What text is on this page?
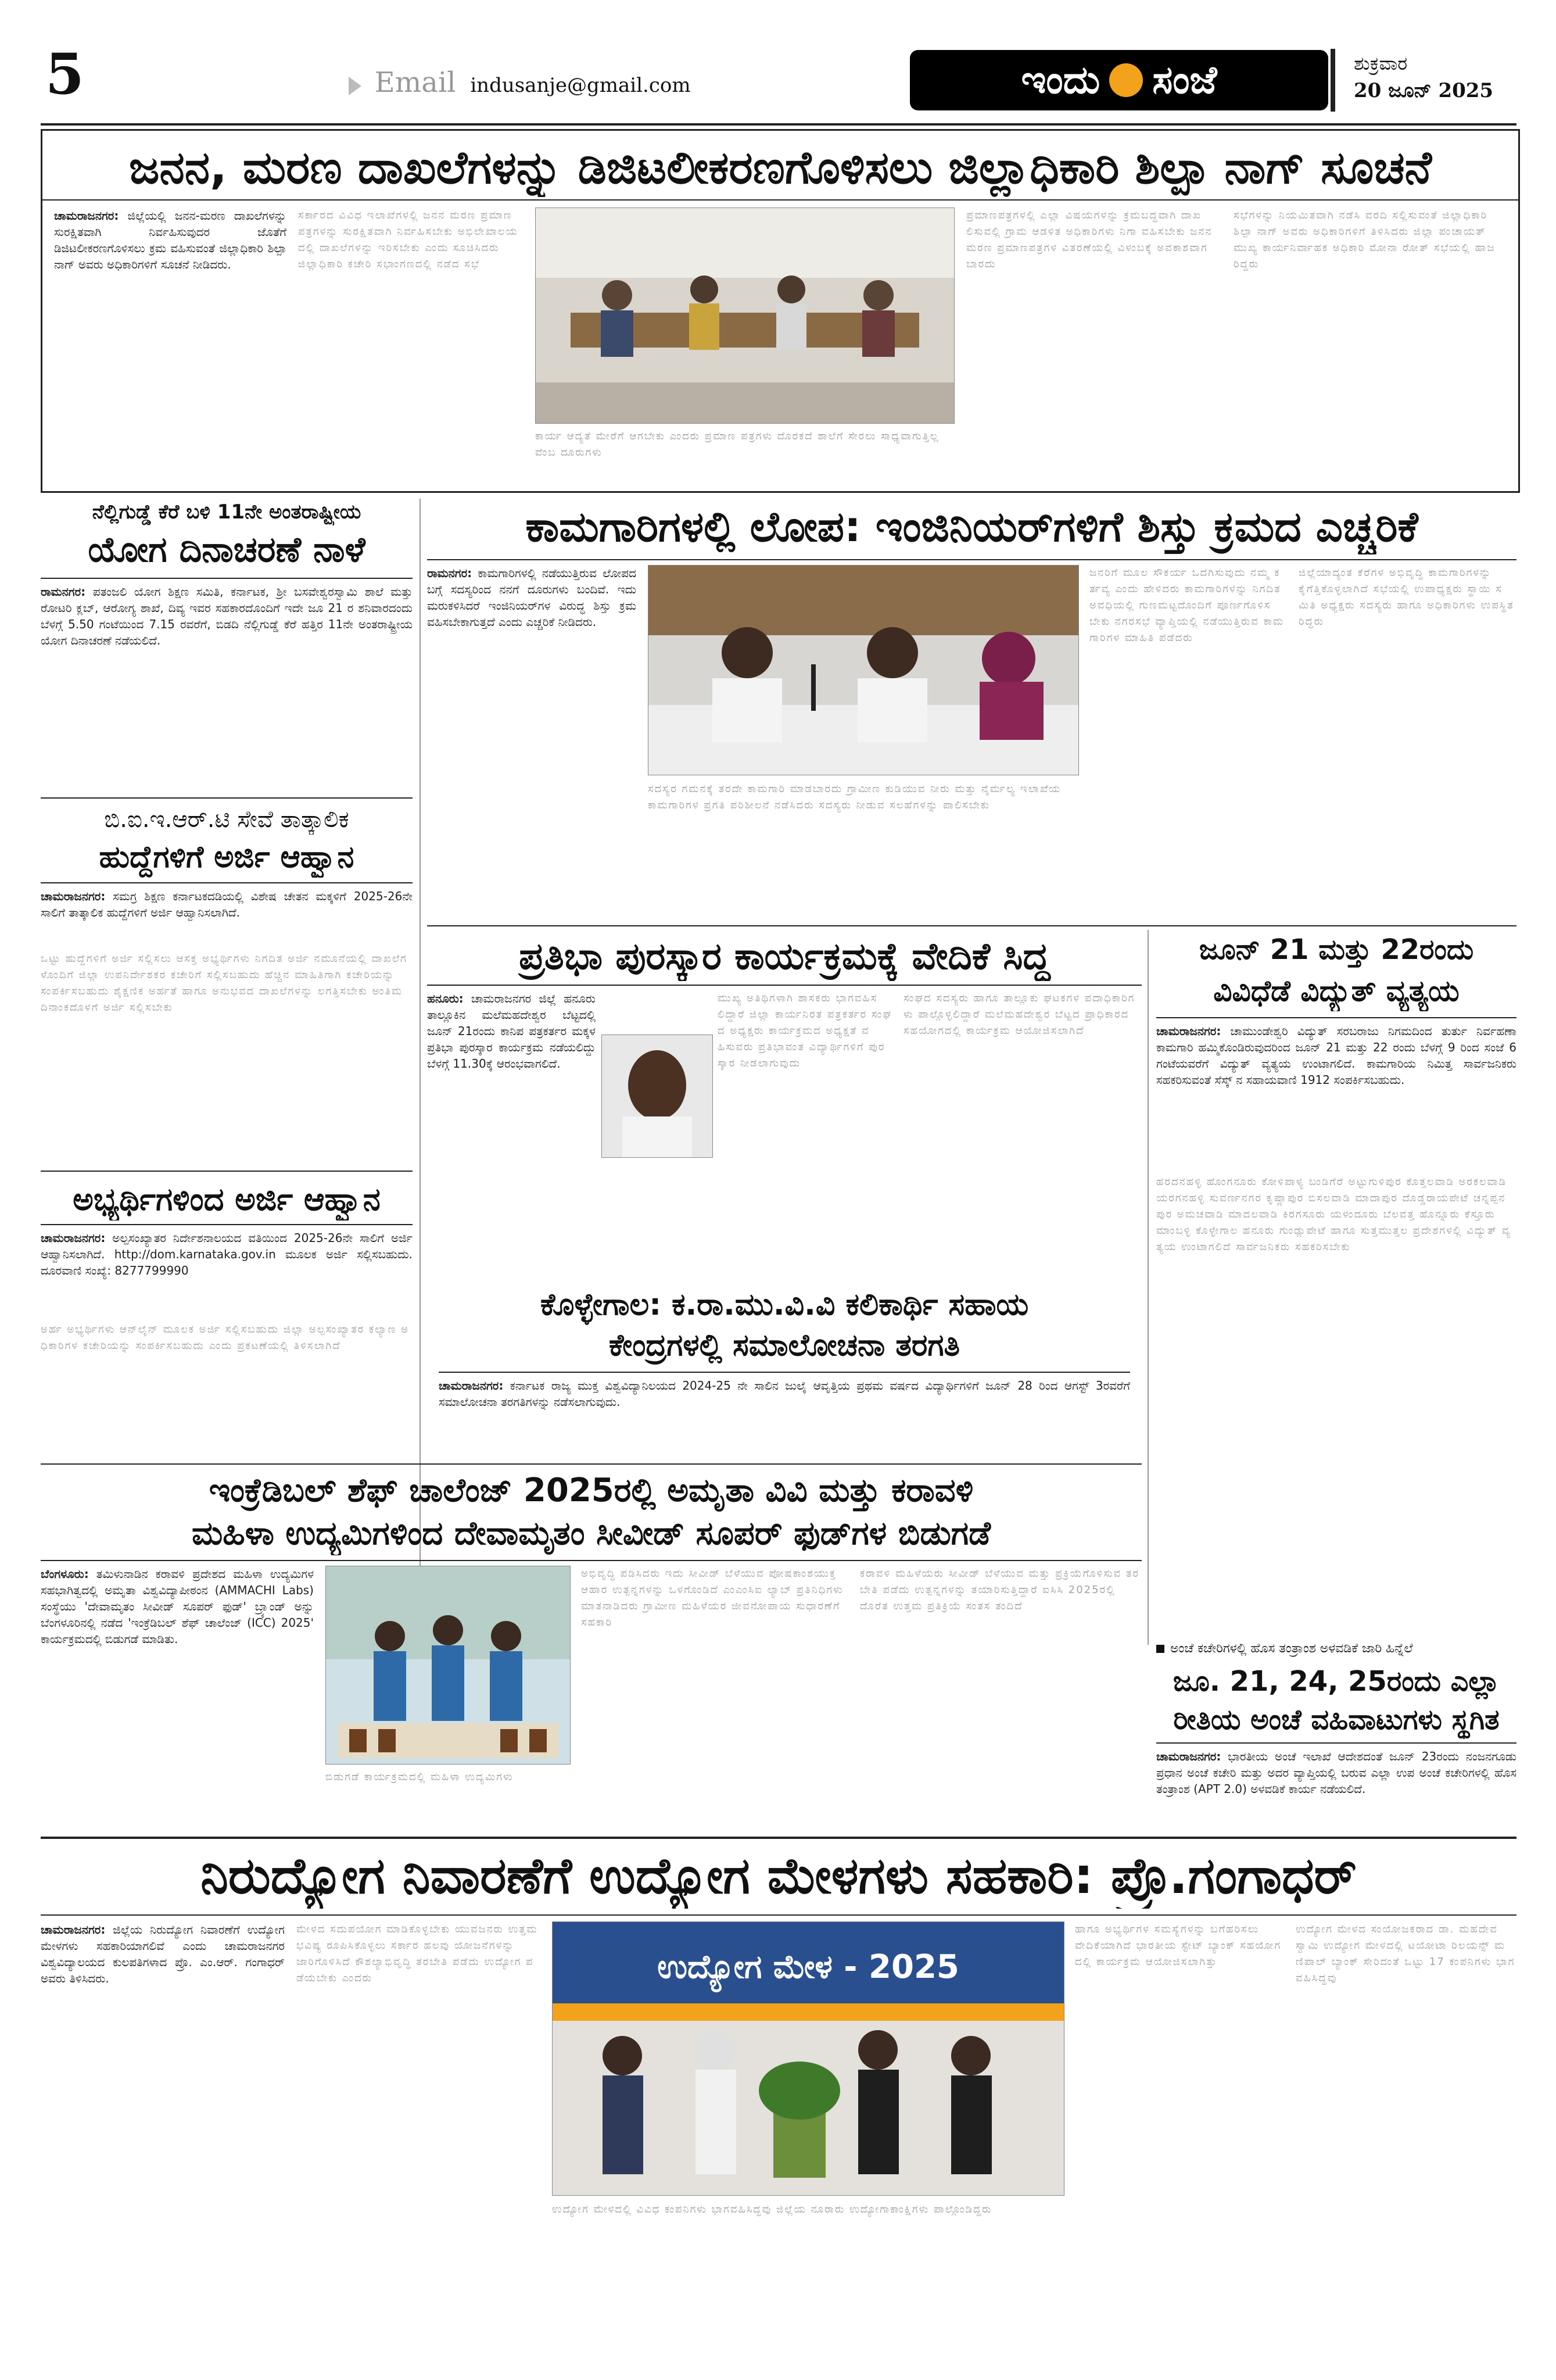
5	Email indusanje@gmail.com	ಇಂದು ಸಂಜೆ	ಶುಕ್ರವಾರ
20 ಜೂನ್ 2025
ಜನನ, ಮರಣ ದಾಖಲೆಗಳನ್ನು ಡಿಜಿಟಲೀಕರಣಗೊಳಿಸಲು ಜಿಲ್ಲಾಧಿಕಾರಿ ಶಿಲ್ಪಾ ನಾಗ್ ಸೂಚನೆ
ಚಾಮರಾಜನಗರ: ಜಿಲ್ಲೆಯಲ್ಲಿ ಜನನ-ಮರಣ ದಾಖಲೆಗಳನ್ನು ಸುರಕ್ಷಿತವಾಗಿ ನಿರ್ವಹಿಸುವುದರ ಜೊತೆಗೆ ಡಿಜಿಟಲೀಕರಣಗೊಳಿಸಲು ಕ್ರಮ ವಹಿಸುವಂತೆ ಜಿಲ್ಲಾಧಿಕಾರಿ ಶಿಲ್ಪಾ ನಾಗ್ ಅವರು ಅಧಿಕಾರಿಗಳಿಗೆ ಸೂಚನೆ ನೀಡಿದರು.
ಸರ್ಕಾರದ ವಿವಿಧ ಇಲಾಖೆಗಳಲ್ಲಿ ಜನನ ಮರಣ ಪ್ರಮಾಣ ಪತ್ರಗಳನ್ನು ಸುರಕ್ಷಿತವಾಗಿ ನಿರ್ವಹಿಸಬೇಕು ಅಭಿಲೇಖಾಲಯದಲ್ಲಿ ದಾಖಲೆಗಳನ್ನು ಇರಿಸಬೇಕು ಎಂದು ಸೂಚಿಸಿದರು ಜಿಲ್ಲಾಧಿಕಾರಿ ಕಚೇರಿ ಸಭಾಂಗಣದಲ್ಲಿ ನಡೆದ ಸಭೆ
ಕಾರ್ಯ ಆದ್ಯತೆ ಮೇರೆಗೆ ಆಗಬೇಕು ಎಂದರು ಪ್ರಮಾಣ ಪತ್ರಗಳು ದೊರಕದೆ ಶಾಲೆಗೆ ಸೇರಲು ಸಾಧ್ಯವಾಗುತ್ತಿಲ್ಲವೆಂಬ ದೂರುಗಳು
ಪ್ರಮಾಣಪತ್ರಗಳಲ್ಲಿ ಎಲ್ಲಾ ವಿಷಯಗಳನ್ನು ಕ್ರಮಬದ್ಧವಾಗಿ ದಾಖಲಿಸುವಲ್ಲಿ ಗ್ರಾಮ ಆಡಳಿತ ಅಧಿಕಾರಿಗಳು ನಿಗಾ ವಹಿಸಬೇಕು ಜನನ ಮರಣ ಪ್ರಮಾಣಪತ್ರಗಳ ವಿತರಣೆಯಲ್ಲಿ ವಿಳಂಬಕ್ಕೆ ಅವಕಾಶವಾಗಬಾರದು
ಸಭೆಗಳನ್ನು ನಿಯಮಿತವಾಗಿ ನಡೆಸಿ ವರದಿ ಸಲ್ಲಿಸುವಂತೆ ಜಿಲ್ಲಾಧಿಕಾರಿ ಶಿಲ್ಪಾ ನಾಗ್ ಅವರು ಅಧಿಕಾರಿಗಳಿಗೆ ತಿಳಿಸಿದರು ಜಿಲ್ಲಾ ಪಂಚಾಯತ್ ಮುಖ್ಯ ಕಾರ್ಯನಿರ್ವಾಹಕ ಅಧಿಕಾರಿ ಮೋನಾ ರೋತ್ ಸಭೆಯಲ್ಲಿ ಹಾಜರಿದ್ದರು
ನೆಲ್ಲಿಗುಡ್ಡೆ ಕೆರೆ ಬಳಿ 11ನೇ ಅಂತರಾಷ್ಟ್ರೀಯ
ಯೋಗ ದಿನಾಚರಣೆ ನಾಳೆ
ರಾಮನಗರ: ಪತಂಜಲಿ ಯೋಗ ಶಿಕ್ಷಣ ಸಮಿತಿ, ಕರ್ನಾಟಕ, ಶ್ರೀ ಬಸವೇಶ್ವರಸ್ವಾಮಿ ಶಾಲೆ ಮತ್ತು ರೋಟರಿ ಕ್ಲಬ್, ಆರೋಗ್ಯ ಶಾಖೆ, ದಿವ್ಯ ಇವರ ಸಹಕಾರದೊಂದಿಗೆ ಇದೇ ಜೂ 21 ರ ಶನಿವಾರದಂದು ಬೆಳಗ್ಗೆ 5.50 ಗಂಟೆಯಿಂದ 7.15 ರವರೆಗೆ, ಬಿಡದಿ ನೆಲ್ಲಿಗುಡ್ಡೆ ಕೆರೆ ಹತ್ತಿರ 11ನೇ ಅಂತರಾಷ್ಟ್ರೀಯ ಯೋಗ ದಿನಾಚರಣೆ ನಡೆಯಲಿದೆ.
ಬಿ.ಐ.ಇ.ಆರ್.ಟಿ ಸೇವೆ ತಾತ್ಕಾಲಿಕ
ಹುದ್ದೆಗಳಿಗೆ ಅರ್ಜಿ ಆಹ್ವಾನ
ಚಾಮರಾಜನಗರ: ಸಮಗ್ರ ಶಿಕ್ಷಣ ಕರ್ನಾಟಕದಡಿಯಲ್ಲಿ ವಿಶೇಷ ಚೇತನ ಮಕ್ಕಳಿಗೆ 2025-26ನೇ ಸಾಲಿಗೆ ತಾತ್ಕಾಲಿಕ ಹುದ್ದೆಗಳಿಗೆ ಅರ್ಜಿ ಆಹ್ವಾನಿಸಲಾಗಿದೆ.
ಒಟ್ಟು ಹುದ್ದೆಗಳಿಗೆ ಅರ್ಜಿ ಸಲ್ಲಿಸಲು ಆಸಕ್ತ ಅಭ್ಯರ್ಥಿಗಳು ನಿಗದಿತ ಅರ್ಜಿ ನಮೂನೆಯಲ್ಲಿ ದಾಖಲೆಗಳೊಂದಿಗೆ ಜಿಲ್ಲಾ ಉಪನಿರ್ದೇಶಕರ ಕಚೇರಿಗೆ ಸಲ್ಲಿಸಬಹುದು ಹೆಚ್ಚಿನ ಮಾಹಿತಿಗಾಗಿ ಕಚೇರಿಯನ್ನು ಸಂಪರ್ಕಿಸಬಹುದು ಶೈಕ್ಷಣಿಕ ಅರ್ಹತೆ ಹಾಗೂ ಅನುಭವದ ದಾಖಲೆಗಳನ್ನು ಲಗತ್ತಿಸಬೇಕು ಅಂತಿಮ ದಿನಾಂಕದೊಳಗೆ ಅರ್ಜಿ ಸಲ್ಲಿಸಬೇಕು
ಅಭ್ಯರ್ಥಿಗಳಿಂದ ಅರ್ಜಿ ಆಹ್ವಾನ
ಚಾಮರಾಜನಗರ: ಅಲ್ಪಸಂಖ್ಯಾತರ ನಿರ್ದೇಶನಾಲಯದ ವತಿಯಿಂದ 2025-26ನೇ ಸಾಲಿಗೆ ಅರ್ಜಿ ಆಹ್ವಾನಿಸಲಾಗಿದೆ. http://dom.karnataka.gov.in ಮೂಲಕ ಅರ್ಜಿ ಸಲ್ಲಿಸಬಹುದು. ದೂರವಾಣಿ ಸಂಖ್ಯೆ: 8277799990
ಅರ್ಹ ಅಭ್ಯರ್ಥಿಗಳು ಆನ್‌ಲೈನ್ ಮೂಲಕ ಅರ್ಜಿ ಸಲ್ಲಿಸಬಹುದು ಜಿಲ್ಲಾ ಅಲ್ಪಸಂಖ್ಯಾತರ ಕಲ್ಯಾಣ ಅಧಿಕಾರಿಗಳ ಕಚೇರಿಯನ್ನು ಸಂಪರ್ಕಿಸಬಹುದು ಎಂದು ಪ್ರಕಟಣೆಯಲ್ಲಿ ತಿಳಿಸಲಾಗಿದೆ
ಕಾಮಗಾರಿಗಳಲ್ಲಿ ಲೋಪ: ಇಂಜಿನಿಯರ್‌ಗಳಿಗೆ ಶಿಸ್ತು ಕ್ರಮದ ಎಚ್ಚರಿಕೆ
ರಾಮನಗರ: ಕಾಮಗಾರಿಗಳಲ್ಲಿ ನಡೆಯುತ್ತಿರುವ ಲೋಪದ ಬಗ್ಗೆ ಸದಸ್ಯರಿಂದ ನನಗೆ ದೂರುಗಳು ಬಂದಿವೆ. ಇದು ಮರುಕಳಿಸಿದರೆ ಇಂಜಿನಿಯರ್‌ಗಳ ವಿರುದ್ಧ ಶಿಸ್ತು ಕ್ರಮ ವಹಿಸಬೇಕಾಗುತ್ತದೆ ಎಂದು ಎಚ್ಚರಿಕೆ ನೀಡಿದರು.
ಸದಸ್ಯರ ಗಮನಕ್ಕೆ ತರದೇ ಕಾಮಗಾರಿ ಮಾಡಬಾರದು ಗ್ರಾಮೀಣ ಕುಡಿಯುವ ನೀರು ಮತ್ತು ನೈರ್ಮಲ್ಯ ಇಲಾಖೆಯ ಕಾಮಗಾರಿಗಳ ಪ್ರಗತಿ ಪರಿಶೀಲನೆ ನಡೆಸಿದರು ಸದಸ್ಯರು ನೀಡುವ ಸಲಹೆಗಳನ್ನು ಪಾಲಿಸಬೇಕು
ಜನರಿಗೆ ಮೂಲ ಸೌಕರ್ಯ ಒದಗಿಸುವುದು ನಮ್ಮ ಕರ್ತವ್ಯ ಎಂದು ಹೇಳಿದರು ಕಾಮಗಾರಿಗಳನ್ನು ನಿಗದಿತ ಅವಧಿಯಲ್ಲಿ ಗುಣಮಟ್ಟದೊಂದಿಗೆ ಪೂರ್ಣಗೊಳಿಸಬೇಕು ನಗರಸಭೆ ವ್ಯಾಪ್ತಿಯಲ್ಲಿ ನಡೆಯುತ್ತಿರುವ ಕಾಮಗಾರಿಗಳ ಮಾಹಿತಿ ಪಡೆದರು
ಜಿಲ್ಲೆಯಾದ್ಯಂತ ಕೆರೆಗಳ ಅಭಿವೃದ್ಧಿ ಕಾಮಗಾರಿಗಳನ್ನು ಕೈಗೆತ್ತಿಕೊಳ್ಳಲಾಗಿದೆ ಸಭೆಯಲ್ಲಿ ಉಪಾಧ್ಯಕ್ಷರು ಸ್ಥಾಯಿ ಸಮಿತಿ ಅಧ್ಯಕ್ಷರು ಸದಸ್ಯರು ಹಾಗೂ ಅಧಿಕಾರಿಗಳು ಉಪಸ್ಥಿತರಿದ್ದರು
ಪ್ರತಿಭಾ ಪುರಸ್ಕಾರ ಕಾರ್ಯಕ್ರಮಕ್ಕೆ ವೇದಿಕೆ ಸಿದ್ಧ
ಹನೂರು: ಚಾಮರಾಜನಗರ ಜಿಲ್ಲೆ ಹನೂರು ತಾಲ್ಲೂಕಿನ ಮಲೆಮಹದೇಶ್ವರ ಬೆಟ್ಟದಲ್ಲಿ ಜೂನ್ 21ರಂದು ಕಾನಿಪ ಪತ್ರಕರ್ತರ ಮಕ್ಕಳ ಪ್ರತಿಭಾ ಪುರಸ್ಕಾರ ಕಾರ್ಯಕ್ರಮ ನಡೆಯಲಿದ್ದು ಬೆಳಗ್ಗೆ 11.30ಕ್ಕೆ ಆರಂಭವಾಗಲಿದೆ.
ಮುಖ್ಯ ಅತಿಥಿಗಳಾಗಿ ಶಾಸಕರು ಭಾಗವಹಿಸಲಿದ್ದಾರೆ ಜಿಲ್ಲಾ ಕಾರ್ಯನಿರತ ಪತ್ರಕರ್ತರ ಸಂಘದ ಅಧ್ಯಕ್ಷರು ಕಾರ್ಯಕ್ರಮದ ಅಧ್ಯಕ್ಷತೆ ವಹಿಸುವರು ಪ್ರತಿಭಾವಂತ ವಿದ್ಯಾರ್ಥಿಗಳಿಗೆ ಪುರಸ್ಕಾರ ನೀಡಲಾಗುವುದು
ಸಂಘದ ಸದಸ್ಯರು ಹಾಗೂ ತಾಲ್ಲೂಕು ಘಟಕಗಳ ಪದಾಧಿಕಾರಿಗಳು ಪಾಲ್ಗೊಳ್ಳಲಿದ್ದಾರೆ ಮಲೆಮಹದೇಶ್ವರ ಬೆಟ್ಟದ ಪ್ರಾಧಿಕಾರದ ಸಹಯೋಗದಲ್ಲಿ ಕಾರ್ಯಕ್ರಮ ಆಯೋಜಿಸಲಾಗಿದೆ
ಜೂನ್ 21 ಮತ್ತು 22ರಂದು
ವಿವಿಧೆಡೆ ವಿದ್ಯುತ್ ವ್ಯತ್ಯಯ
ಚಾಮರಾಜನಗರ: ಚಾಮುಂಡೇಶ್ವರಿ ವಿದ್ಯುತ್ ಸರಬರಾಜು ನಿಗಮದಿಂದ ತುರ್ತು ನಿರ್ವಹಣಾ ಕಾಮಗಾರಿ ಹಮ್ಮಿಕೊಂಡಿರುವುದರಿಂದ ಜೂನ್ 21 ಮತ್ತು 22 ರಂದು ಬೆಳಗ್ಗೆ 9 ರಿಂದ ಸಂಜೆ 6 ಗಂಟೆಯವರೆಗೆ ವಿದ್ಯುತ್ ವ್ಯತ್ಯಯ ಉಂಟಾಗಲಿದೆ. ಕಾಮಗಾರಿಯ ನಿಮಿತ್ತ ಸಾರ್ವಜನಿಕರು ಸಹಕರಿಸುವಂತೆ ಸೆಸ್ಕ್ ನ ಸಹಾಯವಾಣಿ 1912 ಸಂಪರ್ಕಿಸಬಹುದು.
ಹರದನಹಳ್ಳಿ ಹೊಂಗನೂರು ಕೋಳಿಪಾಳ್ಯ ಬಂಡಿಗೆರೆ ಅಟ್ಟುಗುಳಿಪುರ ಕೊತ್ತಲವಾಡಿ ಅರಕಲವಾಡಿ ಯರಗನಹಳ್ಳಿ ಸುವರ್ಣನಗರ ಕೃಷ್ಣಾಪುರ ಬಿಸಲವಾಡಿ ಮಾದಾಪುರ ದೊಡ್ಡರಾಯಪೇಟೆ ಚನ್ನಪ್ಪನಪುರ ಅಮಚವಾಡಿ ಮಾದಲವಾಡಿ ಕಿರಗಸೂರು ಯಳಂದೂರು ಬೆಲವತ್ತ ಹೊನ್ನೂರು ಕೆಸ್ತೂರು ಮಾಂಬಳ್ಳಿ ಕೊಳ್ಳೇಗಾಲ ಹನೂರು ಗುಂಡ್ಲುಪೇಟೆ ಹಾಗೂ ಸುತ್ತಮುತ್ತಲ ಪ್ರದೇಶಗಳಲ್ಲಿ ವಿದ್ಯುತ್ ವ್ಯತ್ಯಯ ಉಂಟಾಗಲಿದೆ ಸಾರ್ವಜನಿಕರು ಸಹಕರಿಸಬೇಕು
ಕೊಳ್ಳೇಗಾಲ: ಕ.ರಾ.ಮು.ವಿ.ವಿ ಕಲಿಕಾರ್ಥಿ ಸಹಾಯ
ಕೇಂದ್ರಗಳಲ್ಲಿ ಸಮಾಲೋಚನಾ ತರಗತಿ
ಚಾಮರಾಜನಗರ: ಕರ್ನಾಟಕ ರಾಜ್ಯ ಮುಕ್ತ ವಿಶ್ವವಿದ್ಯಾನಿಲಯದ 2024-25 ನೇ ಸಾಲಿನ ಜುಲೈ ಆವೃತ್ತಿಯ ಪ್ರಥಮ ವರ್ಷದ ವಿದ್ಯಾರ್ಥಿಗಳಿಗೆ ಜೂನ್ 28 ರಿಂದ ಆಗಸ್ಟ್ 3ರವರೆಗೆ ಸಮಾಲೋಚನಾ ತರಗತಿಗಳನ್ನು ನಡೆಸಲಾಗುವುದು.
ಇಂಕ್ರೆಡಿಬಲ್ ಶೆಫ್ ಚಾಲೆಂಜ್ 2025ರಲ್ಲಿ ಅಮೃತಾ ವಿವಿ ಮತ್ತು ಕರಾವಳಿ
ಮಹಿಳಾ ಉದ್ಯಮಿಗಳಿಂದ ದೇವಾಮೃತಂ ಸೀವೀಡ್ ಸೂಪರ್ ಫುಡ್‌ಗಳ ಬಿಡುಗಡೆ
ಬೆಂಗಳೂರು: ತಮಿಳುನಾಡಿನ ಕರಾವಳಿ ಪ್ರದೇಶದ ಮಹಿಳಾ ಉದ್ಯಮಿಗಳ ಸಹಭಾಗಿತ್ವದಲ್ಲಿ ಅಮೃತಾ ವಿಶ್ವವಿದ್ಯಾಪೀಠಂನ (AMMACHI Labs) ಸಂಸ್ಥೆಯು 'ದೇವಾಮೃತಂ ಸೀವೀಡ್ ಸೂಪರ್ ಫುಡ್' ಬ್ರ್ಯಾಂಡ್ ಅನ್ನು ಬೆಂಗಳೂರಿನಲ್ಲಿ ನಡೆದ 'ಇಂಕ್ರೆಡಿಬಲ್ ಶೆಫ್ ಚಾಲೆಂಜ್ (ICC) 2025' ಕಾರ್ಯಕ್ರಮದಲ್ಲಿ ಬಿಡುಗಡೆ ಮಾಡಿತು.
ಬಿಡುಗಡೆ ಕಾರ್ಯಕ್ರಮದಲ್ಲಿ ಮಹಿಳಾ ಉದ್ಯಮಿಗಳು
ಅಭಿವೃದ್ಧಿ ಪಡಿಸಿದರು ಇದು ಸೀವೀಡ್ ಬೆಳೆಯುವ ಪೋಷಕಾಂಶಯುಕ್ತ ಆಹಾರ ಉತ್ಪನ್ನಗಳನ್ನು ಒಳಗೊಂಡಿದೆ ಎಂಎಂಸಿಐ ಲ್ಯಾಬ್ ಪ್ರತಿನಿಧಿಗಳು ಮಾತನಾಡಿದರು ಗ್ರಾಮೀಣ ಮಹಿಳೆಯರ ಜೀವನೋಪಾಯ ಸುಧಾರಣೆಗೆ ಸಹಕಾರಿ
ಕರಾವಳಿ ಮಹಿಳೆಯರು ಸೀವೀಡ್ ಬೆಳೆಯುವ ಮತ್ತು ಪ್ರಕ್ರಿಯೆಗೊಳಿಸುವ ತರಬೇತಿ ಪಡೆದು ಉತ್ಪನ್ನಗಳನ್ನು ತಯಾರಿಸುತ್ತಿದ್ದಾರೆ ಐಸಿಸಿ 2025ರಲ್ಲಿ ದೊರೆತ ಉತ್ತಮ ಪ್ರತಿಕ್ರಿಯೆ ಸಂತಸ ತಂದಿದೆ
ಅಂಚೆ ಕಚೇರಿಗಳಲ್ಲಿ ಹೊಸ ತಂತ್ರಾಂಶ ಅಳವಡಿಕೆ ಜಾರಿ ಹಿನ್ನೆಲೆ
ಜೂ. 21, 24, 25ರಂದು ಎಲ್ಲಾ
ರೀತಿಯ ಅಂಚೆ ವಹಿವಾಟುಗಳು ಸ್ಥಗಿತ
ಚಾಮರಾಜನಗರ: ಭಾರತೀಯ ಅಂಚೆ ಇಲಾಖೆ ಆದೇಶದಂತೆ ಜೂನ್ 23ರಂದು ನಂಜನಗೂಡು ಪ್ರಧಾನ ಅಂಚೆ ಕಚೇರಿ ಮತ್ತು ಅದರ ವ್ಯಾಪ್ತಿಯಲ್ಲಿ ಬರುವ ಎಲ್ಲಾ ಉಪ ಅಂಚೆ ಕಚೇರಿಗಳಲ್ಲಿ ಹೊಸ ತಂತ್ರಾಂಶ (APT 2.0) ಅಳವಡಿಕೆ ಕಾರ್ಯ ನಡೆಯಲಿದೆ.
ನಿರುದ್ಯೋಗ ನಿವಾರಣೆಗೆ ಉದ್ಯೋಗ ಮೇಳಗಳು ಸಹಕಾರಿ: ಪ್ರೊ.ಗಂಗಾಧರ್
ಚಾಮರಾಜನಗರ: ಜಿಲ್ಲೆಯ ನಿರುದ್ಯೋಗ ನಿವಾರಣೆಗೆ ಉದ್ಯೋಗ ಮೇಳಗಳು ಸಹಕಾರಿಯಾಗಲಿವೆ ಎಂದು ಚಾಮರಾಜನಗರ ವಿಶ್ವವಿದ್ಯಾಲಯದ ಕುಲಪತಿಗಳಾದ ಪ್ರೊ. ಎಂ.ಆರ್. ಗಂಗಾಧರ್ ಅವರು ತಿಳಿಸಿದರು.
ಮೇಳದ ಸದುಪಯೋಗ ಮಾಡಿಕೊಳ್ಳಬೇಕು ಯುವಜನರು ಉತ್ತಮ ಭವಿಷ್ಯ ರೂಪಿಸಿಕೊಳ್ಳಲು ಸರ್ಕಾರ ಹಲವು ಯೋಜನೆಗಳನ್ನು ಜಾರಿಗೊಳಿಸಿದೆ ಕೌಶಲ್ಯಾಭಿವೃದ್ಧಿ ತರಬೇತಿ ಪಡೆದು ಉದ್ಯೋಗ ಪಡೆಯಬೇಕು ಎಂದರು	ಉದ್ಯೋಗ ಮೇಳ - 2025
ಉದ್ಯೋಗ ಮೇಳದಲ್ಲಿ ವಿವಿಧ ಕಂಪನಿಗಳು ಭಾಗವಹಿಸಿದ್ದವು ಜಿಲ್ಲೆಯ ನೂರಾರು ಉದ್ಯೋಗಾಕಾಂಕ್ಷಿಗಳು ಪಾಲ್ಗೊಂಡಿದ್ದರು
ಹಾಗೂ ಅಭ್ಯರ್ಥಿಗಳ ಸಮಸ್ಯೆಗಳನ್ನು ಬಗೆಹರಿಸಲು ವೇದಿಕೆಯಾಗಿದೆ ಭಾರತೀಯ ಸ್ಟೇಟ್ ಬ್ಯಾಂಕ್ ಸಹಯೋಗದಲ್ಲಿ ಕಾರ್ಯಕ್ರಮ ಆಯೋಜಿಸಲಾಗಿತ್ತು
ಉದ್ಯೋಗ ಮೇಳದ ಸಂಯೋಜಕರಾದ ಡಾ. ಮಹದೇವಸ್ವಾಮಿ ಉದ್ಯೋಗ ಮೇಳದಲ್ಲಿ ಟಯೋಟಾ ರಿಲಯನ್ಸ್ ಮಣಿಪಾಲ್ ಬ್ಯಾಂಕ್ ಸೇರಿದಂತೆ ಒಟ್ಟು 17 ಕಂಪನಿಗಳು ಭಾಗವಹಿಸಿದ್ದವು
